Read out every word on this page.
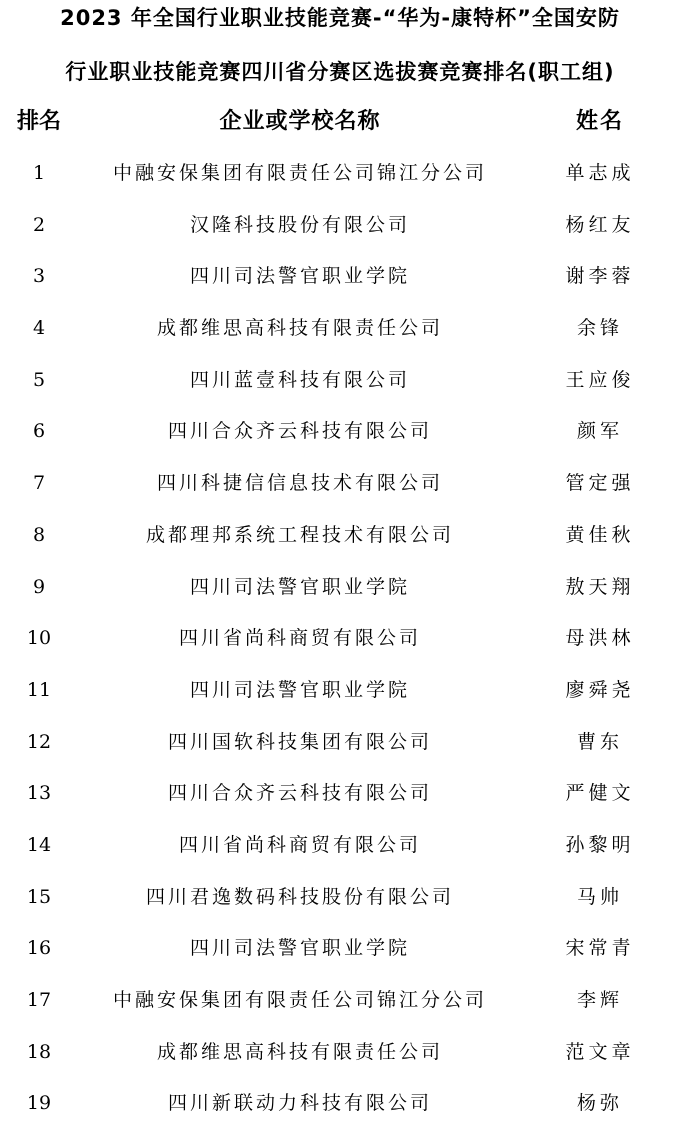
2023 年全国行业职业技能竞赛-“华为-康特杯”全国安防
行业职业技能竞赛四川省分赛区选拔赛竞赛排名(职工组)
排名	企业或学校名称	姓名
1	中融安保集团有限责任公司锦江分公司	单志成
2	汉隆科技股份有限公司	杨红友
3	四川司法警官职业学院	谢李蓉
4	成都维思高科技有限责任公司	余锋
5	四川蓝壹科技有限公司	王应俊
6	四川合众齐云科技有限公司	颜军
7	四川科捷信信息技术有限公司	管定强
8	成都理邦系统工程技术有限公司	黄佳秋
9	四川司法警官职业学院	敖天翔
10	四川省尚科商贸有限公司	母洪林
11	四川司法警官职业学院	廖舜尧
12	四川国软科技集团有限公司	曹东
13	四川合众齐云科技有限公司	严健文
14	四川省尚科商贸有限公司	孙黎明
15	四川君逸数码科技股份有限公司	马帅
16	四川司法警官职业学院	宋常青
17	中融安保集团有限责任公司锦江分公司	李辉
18	成都维思高科技有限责任公司	范文章
19	四川新联动力科技有限公司	杨弥
